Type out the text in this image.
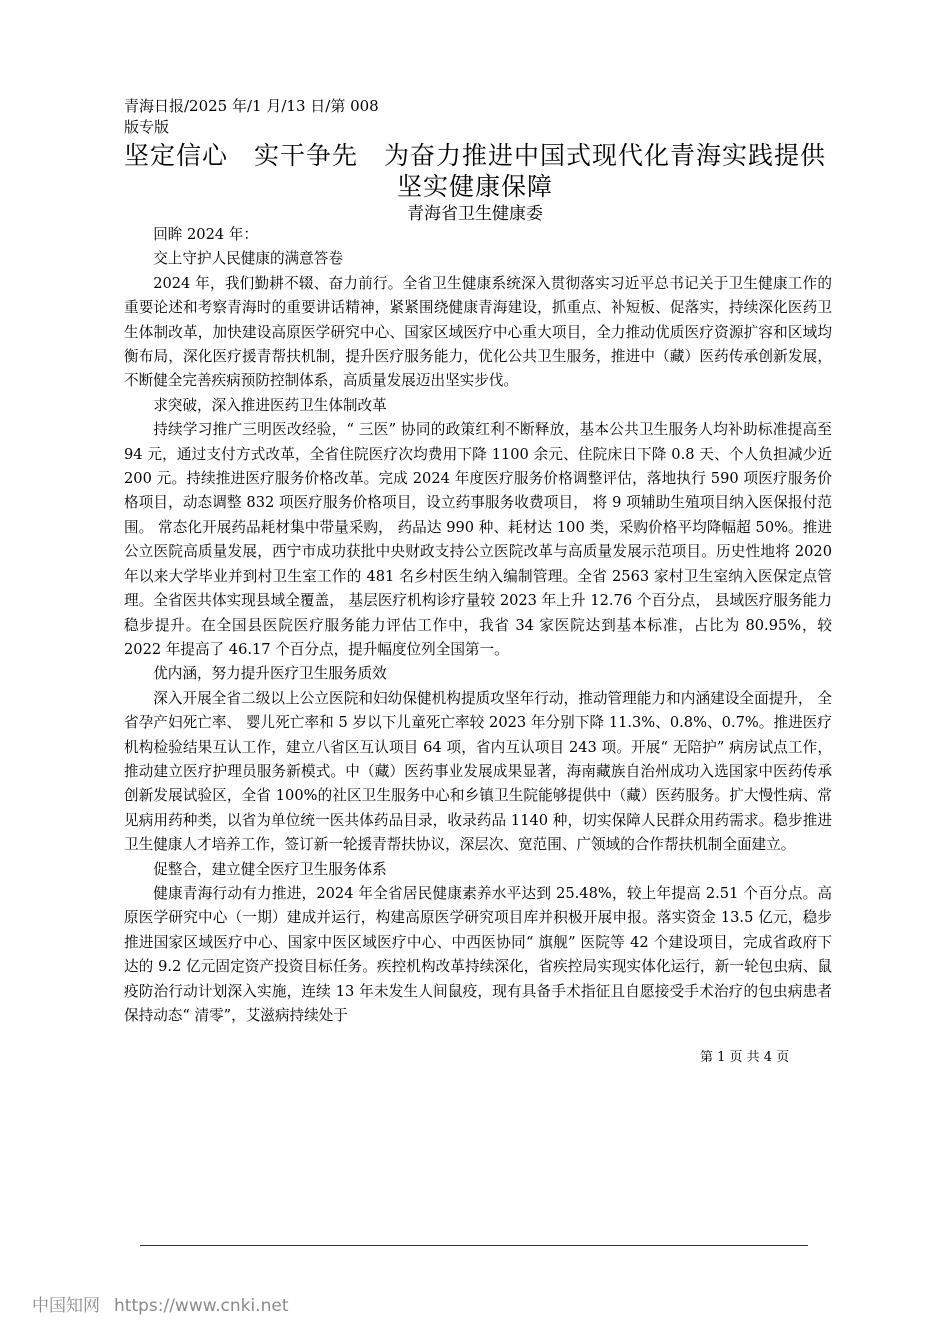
青海日报/2025 年/1 月/13 日/第 008 版专版
坚定信心　实干争先　为奋力推进中国式现代化青海实践提供坚实健康保障
青海省卫生健康委

回眸 2024 年：

交上守护人民健康的满意答卷

2024 年，我们勤耕不辍、奋力前行。全省卫生健康系统深入贯彻落实习近平总书记关于卫生健康工作的重要论述和考察青海时的重要讲话精神，紧紧围绕健康青海建设，抓重点、补短板、促落实，持续深化医药卫生体制改革，加快建设高原医学研究中心、国家区域医疗中心重大项目，全力推动优质医疗资源扩容和区域均衡布局，深化医疗援青帮扶机制，提升医疗服务能力，优化公共卫生服务，推进中（藏）医药传承创新发展，不断健全完善疾病预防控制体系，高质量发展迈出坚实步伐。

求突破，深入推进医药卫生体制改革

持续学习推广三明医改经验，“ 三医” 协同的政策红利不断释放，基本公共卫生服务人均补助标准提高至 94 元，通过支付方式改革，全省住院医疗次均费用下降 1100 余元、住院床日下降 0.8 天、个人负担减少近 200 元。持续推进医疗服务价格改革。完成 2024 年度医疗服务价格调整评估，落地执行 590 项医疗服务价格项目，动态调整 832 项医疗服务价格项目，设立药事服务收费项目， 将 9 项辅助生殖项目纳入医保报付范围。 常态化开展药品耗材集中带量采购， 药品达 990 种、耗材达 100 类，采购价格平均降幅超 50%。推进公立医院高质量发展，西宁市成功获批中央财政支持公立医院改革与高质量发展示范项目。历史性地将 2020 年以来大学毕业并到村卫生室工作的 481 名乡村医生纳入编制管理。全省 2563 家村卫生室纳入医保定点管理。全省医共体实现县域全覆盖， 基层医疗机构诊疗量较 2023 年上升 12.76 个百分点， 县域医疗服务能力稳步提升。在全国县医院医疗服务能力评估工作中，我省 34 家医院达到基本标准，占比为 80.95%，较 2022 年提高了 46.17 个百分点，提升幅度位列全国第一。

优内涵，努力提升医疗卫生服务质效

深入开展全省二级以上公立医院和妇幼保健机构提质攻坚年行动，推动管理能力和内涵建设全面提升， 全省孕产妇死亡率、 婴儿死亡率和 5 岁以下儿童死亡率较 2023 年分别下降 11.3%、0.8%、0.7%。推进医疗机构检验结果互认工作，建立八省区互认项目 64 项，省内互认项目 243 项。开展“ 无陪护” 病房试点工作，推动建立医疗护理员服务新模式。中（藏）医药事业发展成果显著，海南藏族自治州成功入选国家中医药传承创新发展试验区，全省 100%的社区卫生服务中心和乡镇卫生院能够提供中（藏）医药服务。扩大慢性病、常见病用药种类，以省为单位统一医共体药品目录，收录药品 1140 种，切实保障人民群众用药需求。稳步推进卫生健康人才培养工作，签订新一轮援青帮扶协议，深层次、宽范围、广领域的合作帮扶机制全面建立。

促整合，建立健全医疗卫生服务体系

健康青海行动有力推进，2024 年全省居民健康素养水平达到 25.48%，较上年提高 2.51 个百分点。高原医学研究中心（一期）建成并运行，构建高原医学研究项目库并积极开展申报。落实资金 13.5 亿元，稳步推进国家区域医疗中心、国家中医区域医疗中心、中西医协同“ 旗舰” 医院等 42 个建设项目，完成省政府下达的 9.2 亿元固定资产投资目标任务。疾控机构改革持续深化，省疾控局实现实体化运行，新一轮包虫病、鼠疫防治行动计划深入实施，连续 13 年未发生人间鼠疫，现有具备手术指征且自愿接受手术治疗的包虫病患者保持动态“ 清零”，艾滋病持续处于

第 1 页 共 4 页
中国知网 https://www.cnki.net
